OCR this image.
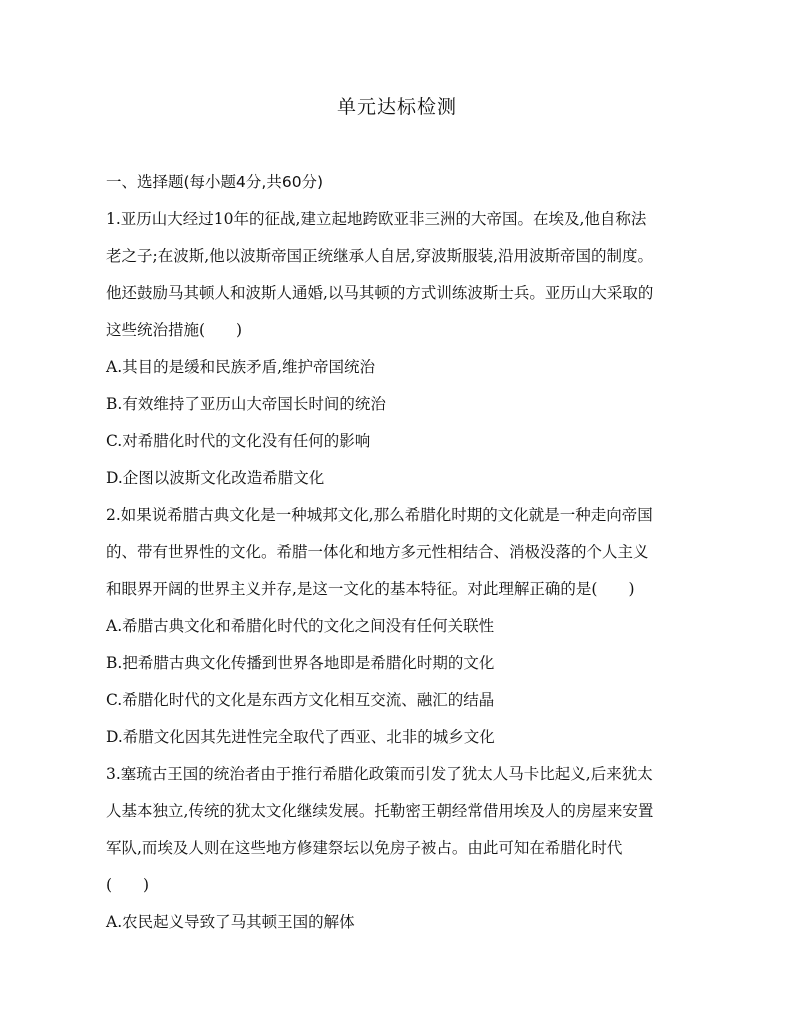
单元达标检测
一、选择题(每小题4分,共60分)
1.亚历山大经过10年的征战,建立起地跨欧亚非三洲的大帝国。在埃及,他自称法
老之子;在波斯,他以波斯帝国正统继承人自居,穿波斯服装,沿用波斯帝国的制度。
他还鼓励马其顿人和波斯人通婚,以马其顿的方式训练波斯士兵。亚历山大采取的
这些统治措施(　　)
A.其目的是缓和民族矛盾,维护帝国统治
B.有效维持了亚历山大帝国长时间的统治
C.对希腊化时代的文化没有任何的影响
D.企图以波斯文化改造希腊文化
2.如果说希腊古典文化是一种城邦文化,那么希腊化时期的文化就是一种走向帝国
的、带有世界性的文化。希腊一体化和地方多元性相结合、消极没落的个人主义
和眼界开阔的世界主义并存,是这一文化的基本特征。对此理解正确的是(　　)
A.希腊古典文化和希腊化时代的文化之间没有任何关联性
B.把希腊古典文化传播到世界各地即是希腊化时期的文化
C.希腊化时代的文化是东西方文化相互交流、融汇的结晶
D.希腊文化因其先进性完全取代了西亚、北非的城乡文化
3.塞琉古王国的统治者由于推行希腊化政策而引发了犹太人马卡比起义,后来犹太
人基本独立,传统的犹太文化继续发展。托勒密王朝经常借用埃及人的房屋来安置
军队,而埃及人则在这些地方修建祭坛以免房子被占。由此可知在希腊化时代
(　　)
A.农民起义导致了马其顿王国的解体
